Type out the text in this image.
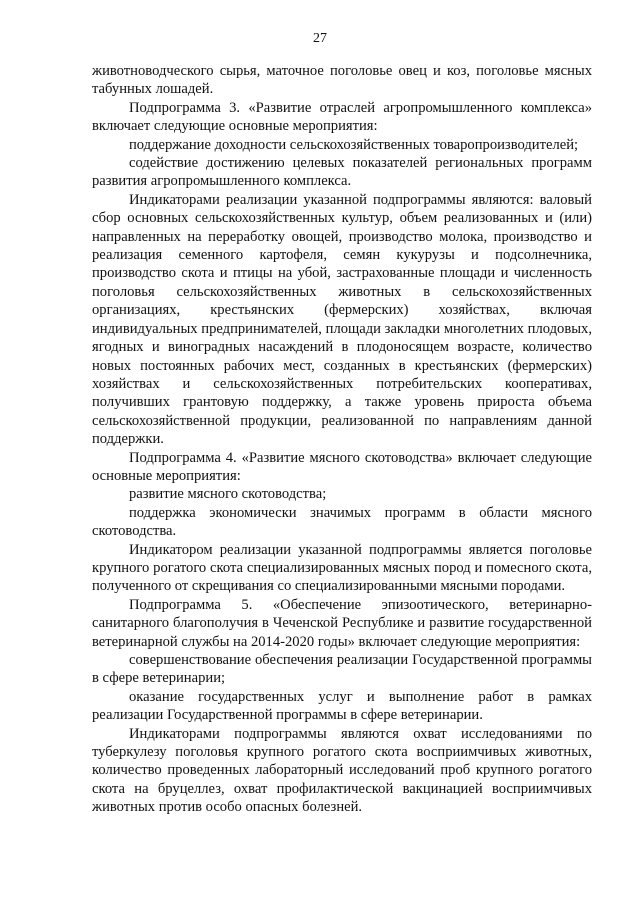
27

животноводческого сырья, маточное поголовье овец и коз, поголовье мясных табунных лошадей.

Подпрограмма 3. «Развитие отраслей агропромышленного комплекса» включает следующие основные мероприятия:

поддержание доходности сельскохозяйственных товаропроизводителей;

содействие достижению целевых показателей региональных программ развития агропромышленного комплекса.

Индикаторами реализации указанной подпрограммы являются: валовый сбор основных сельскохозяйственных культур, объем реализованных и (или) направленных на переработку овощей, производство молока, производство и реализация семенного картофеля, семян кукурузы и подсолнечника, производство скота и птицы на убой, застрахованные площади и численность поголовья сельскохозяйственных животных в сельскохозяйственных организациях, крестьянских (фермерских) хозяйствах, включая индивидуальных предпринимателей, площади закладки многолетних плодовых, ягодных и виноградных насаждений в плодоносящем возрасте, количество новых постоянных рабочих мест, созданных в крестьянских (фермерских) хозяйствах и сельскохозяйственных потребительских кооперативах, получивших грантовую поддержку, а также уровень прироста объема сельскохозяйственной продукции, реализованной по направлениям данной поддержки.

Подпрограмма 4. «Развитие мясного скотоводства» включает следующие основные мероприятия:

развитие мясного скотоводства;

поддержка экономически значимых программ в области мясного скотоводства.

Индикатором реализации указанной подпрограммы является поголовье крупного рогатого скота специализированных мясных пород и помесного скота, полученного от скрещивания со специализированными мясными породами.

Подпрограмма 5. «Обеспечение эпизоотического, ветеринарно-санитарного благополучия в Чеченской Республике и развитие государственной ветеринарной службы на 2014-2020 годы» включает следующие мероприятия:

совершенствование обеспечения реализации Государственной программы в сфере ветеринарии;

оказание государственных услуг и выполнение работ в рамках реализации Государственной программы в сфере ветеринарии.

Индикаторами подпрограммы являются охват исследованиями по туберкулезу поголовья крупного рогатого скота восприимчивых животных, количество проведенных лабораторный исследований проб крупного рогатого скота на бруцеллез, охват профилактической вакцинацией восприимчивых животных против особо опасных болезней.
